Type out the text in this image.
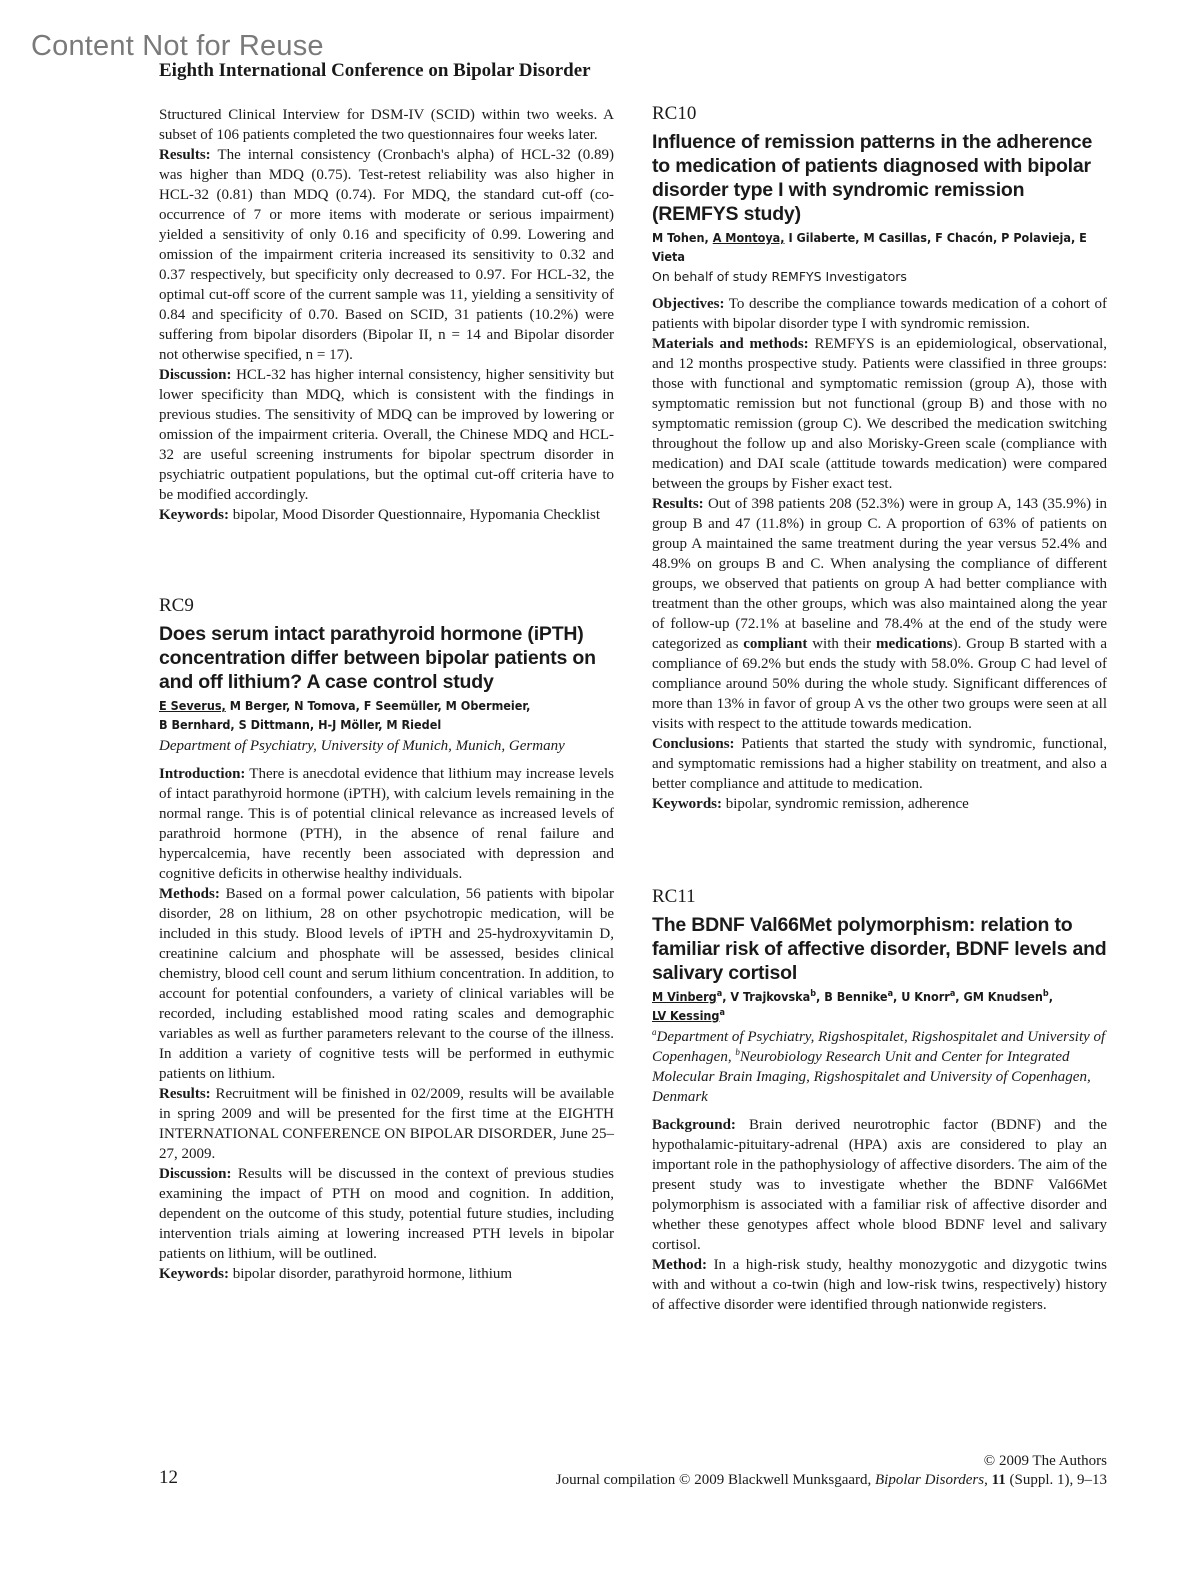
Content Not for Reuse
Eighth International Conference on Bipolar Disorder

Structured Clinical Interview for DSM-IV (SCID) within two weeks. A subset of 106 patients completed the two questionnaires four weeks later.

Results: The internal consistency (Cronbach's alpha) of HCL-32 (0.89) was higher than MDQ (0.75). Test-retest reliability was also higher in HCL-32 (0.81) than MDQ (0.74). For MDQ, the standard cut-off (co-occurrence of 7 or more items with moderate or serious impairment) yielded a sensitivity of only 0.16 and specificity of 0.99. Lowering and omission of the impairment criteria increased its sensitivity to 0.32 and 0.37 respectively, but specificity only decreased to 0.97. For HCL-32, the optimal cut-off score of the current sample was 11, yielding a sensitivity of 0.84 and specificity of 0.70. Based on SCID, 31 patients (10.2%) were suffering from bipolar disorders (Bipolar II, n = 14 and Bipolar disorder not otherwise specified, n = 17).

Discussion: HCL-32 has higher internal consistency, higher sensitivity but lower specificity than MDQ, which is consistent with the findings in previous studies. The sensitivity of MDQ can be improved by lowering or omission of the impairment criteria. Overall, the Chinese MDQ and HCL-32 are useful screening instruments for bipolar spectrum disorder in psychiatric outpatient populations, but the optimal cut-off criteria have to be modified accordingly.

Keywords: bipolar, Mood Disorder Questionnaire, Hypomania Checklist

RC9
Does serum intact parathyroid hormone (iPTH) concentration differ between bipolar patients on and off lithium? A case control study
E Severus, M Berger, N Tomova, F Seemüller, M Obermeier,
B Bernhard, S Dittmann, H-J Möller, M Riedel
Department of Psychiatry, University of Munich, Munich, Germany

Introduction: There is anecdotal evidence that lithium may increase levels of intact parathyroid hormone (iPTH), with calcium levels remaining in the normal range. This is of potential clinical relevance as increased levels of parathroid hormone (PTH), in the absence of renal failure and hypercalcemia, have recently been associated with depression and cognitive deficits in otherwise healthy individuals.

Methods: Based on a formal power calculation, 56 patients with bipolar disorder, 28 on lithium, 28 on other psychotropic medication, will be included in this study. Blood levels of iPTH and 25-hydroxyvitamin D, creatinine calcium and phosphate will be assessed, besides clinical chemistry, blood cell count and serum lithium concentration. In addition, to account for potential confounders, a variety of clinical variables will be recorded, including established mood rating scales and demographic variables as well as further parameters relevant to the course of the illness. In addition a variety of cognitive tests will be performed in euthymic patients on lithium.

Results: Recruitment will be finished in 02/2009, results will be available in spring 2009 and will be presented for the first time at the EIGHTH INTERNATIONAL CONFERENCE ON BIPOLAR DISORDER, June 25–27, 2009.

Discussion: Results will be discussed in the context of previous studies examining the impact of PTH on mood and cognition. In addition, dependent on the outcome of this study, potential future studies, including intervention trials aiming at lowering increased PTH levels in bipolar patients on lithium, will be outlined.

Keywords: bipolar disorder, parathyroid hormone, lithium

RC10
Influence of remission patterns in the adherence to medication of patients diagnosed with bipolar disorder type I with syndromic remission (REMFYS study)
M Tohen, A Montoya, I Gilaberte, M Casillas, F Chacón, P Polavieja, E Vieta
On behalf of study REMFYS Investigators

Objectives: To describe the compliance towards medication of a cohort of patients with bipolar disorder type I with syndromic remission.

Materials and methods: REMFYS is an epidemiological, observational, and 12 months prospective study. Patients were classified in three groups: those with functional and symptomatic remission (group A), those with symptomatic remission but not functional (group B) and those with no symptomatic remission (group C). We described the medication switching throughout the follow up and also Morisky-Green scale (compliance with medication) and DAI scale (attitude towards medication) were compared between the groups by Fisher exact test.

Results: Out of 398 patients 208 (52.3%) were in group A, 143 (35.9%) in group B and 47 (11.8%) in group C. A proportion of 63% of patients on group A maintained the same treatment during the year versus 52.4% and 48.9% on groups B and C. When analysing the compliance of different groups, we observed that patients on group A had better compliance with treatment than the other groups, which was also maintained along the year of follow-up (72.1% at baseline and 78.4% at the end of the study were categorized as compliant with their medications). Group B started with a compliance of 69.2% but ends the study with 58.0%. Group C had level of compliance around 50% during the whole study. Significant differences of more than 13% in favor of group A vs the other two groups were seen at all visits with respect to the attitude towards medication.

Conclusions: Patients that started the study with syndromic, functional, and symptomatic remissions had a higher stability on treatment, and also a better compliance and attitude to medication.

Keywords: bipolar, syndromic remission, adherence

RC11
The BDNF Val66Met polymorphism: relation to familiar risk of affective disorder, BDNF levels and salivary cortisol
M Vinberg$^a$, V Trajkovska$^b$, B Bennike$^a$, U Knorr$^a$, GM Knudsen$^b$,
LV Kessing$^a$
$^a$Department of Psychiatry, Rigshospitalet, Rigshospitalet and University of Copenhagen, $^b$Neurobiology Research Unit and Center for Integrated Molecular Brain Imaging, Rigshospitalet and University of Copenhagen, Denmark

Background: Brain derived neurotrophic factor (BDNF) and the hypothalamic-pituitary-adrenal (HPA) axis are considered to play an important role in the pathophysiology of affective disorders. The aim of the present study was to investigate whether the BDNF Val66Met polymorphism is associated with a familiar risk of affective disorder and whether these genotypes affect whole blood BDNF level and salivary cortisol.

Method: In a high-risk study, healthy monozygotic and dizygotic twins with and without a co-twin (high and low-risk twins, respectively) history of affective disorder were identified through nationwide registers.

12
© 2009 The Authors
Journal compilation © 2009 Blackwell Munksgaard, Bipolar Disorders, 11 (Suppl. 1), 9–13
